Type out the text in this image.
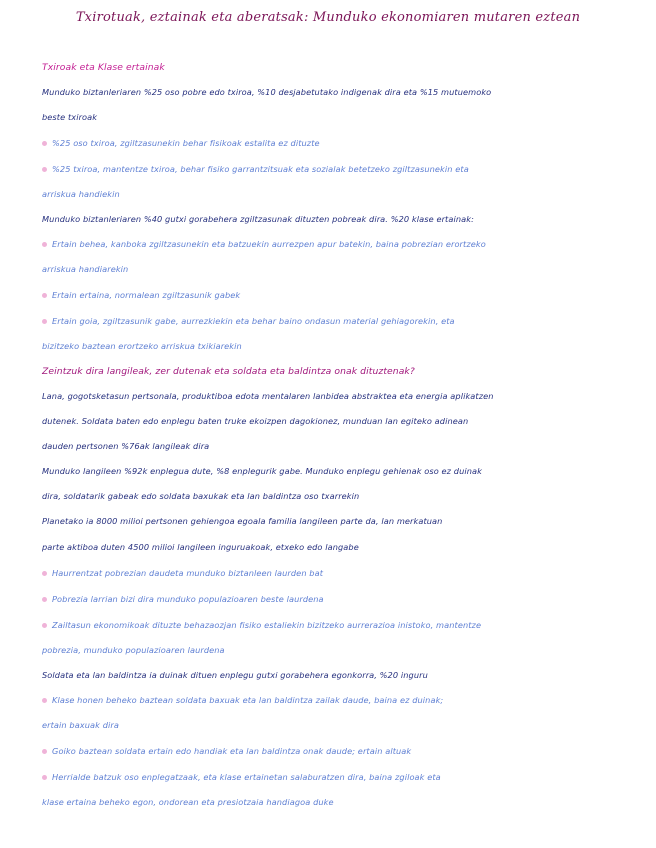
Txirotuak, eztainak eta aberatsak: Munduko ekonomiaren mutaren eztean
Txiroak eta Klase ertainak
Munduko biztanleriaren %25 oso pobre edo txiroa, %10 desjabetutako indigenak dira eta %15 mutuemoko
beste txiroak
%25 oso txiroa, zgiltzasunekin behar fisikoak estalita ez dituzte
%25 txiroa, mantentze txiroa, behar fisiko garrantzitsuak eta sozialak betetzeko zgiltzasunekin eta
arriskua handiekin
Munduko biztanleriaren %40 gutxi gorabehera zgiltzasunak dituzten pobreak dira. %20 klase ertainak:
Ertain behea, kanboka zgiltzasunekin eta batzuekin aurrezpen apur batekin, baina pobrezian erortzeko
arriskua handiarekin
Ertain ertaina, normalean zgiltzasunik gabek
Ertain goia, zgiltzasunik gabe, aurrezkiekin eta behar baino ondasun material gehiagorekin, eta
bizitzeko baztean erortzeko arriskua txikiarekin
Zeintzuk dira langileak, zer dutenak eta soldata eta baldintza onak dituztenak?
Lana, gogotsketasun pertsonala, produktiboa edota mentalaren lanbidea abstraktea eta energia aplikatzen
dutenek. Soldata baten edo enplegu baten truke ekoizpen dagokionez, munduan lan egiteko adinean
dauden pertsonen %76ak langileak dira
Munduko langileen %92k enplegua dute, %8 enplegurik gabe. Munduko enplegu gehienak oso ez duinak
dira, soldatarik gabeak edo soldata baxukak eta lan baldintza oso txarrekin
Planetako ia 8000 milioi pertsonen gehiengoa egoala familia langileen parte da, lan merkatuan
parte aktiboa duten 4500 milioi langileen inguruakoak, etxeko edo langabe
Haurrentzat pobrezian daudeta munduko biztanleen laurden bat
Pobrezia larrian bizi dira munduko populazioaren beste laurdena
Zailtasun ekonomikoak dituzte behazaozjan fisiko estaliekin bizitzeko aurrerazioa inistoko, mantentze
pobrezia, munduko populazioaren laurdena
Soldata eta lan baldintza ia duinak dituen enplegu gutxi gorabehera egonkorra, %20 inguru
Klase honen beheko baztean soldata baxuak eta lan baldintza zailak daude, baina ez duinak;
ertain baxuak dira
Goiko baztean soldata ertain edo handiak eta lan baldintza onak daude; ertain altuak
Herrialde batzuk oso enplegatzaak, eta klase ertainetan salaburatzen dira, baina zgiloak eta
klase ertaina beheko egon, ondorean eta presiotzaia handiagoa duke
